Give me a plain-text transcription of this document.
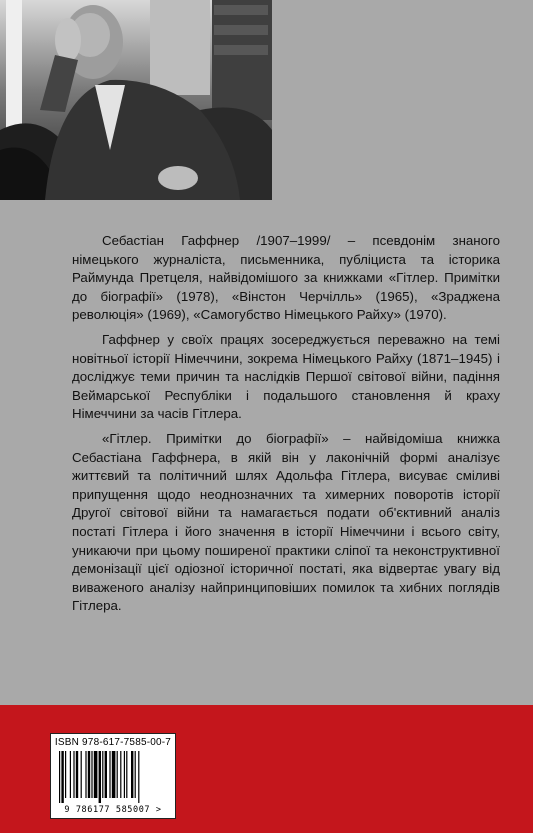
Себастіан Гаффнер /1907–1999/ – псевдонім знаного німецького журналіста, письменника, публіциста та історика Раймунда Претцеля, найвідомішого за книжками «Гітлер. Примітки до біографії» (1978), «Вінстон Черчілль» (1965), «Зраджена революція» (1969), «Самогубство Німецького Райху» (1970).

Гаффнер у своїх працях зосереджується переважно на темі новітньої історії Німеччини, зокрема Німецького Райху (1871–1945) і досліджує теми причин та наслідків Першої світової війни, падіння Веймарської Республіки і подальшого становлення й краху Німеччини за часів Гітлера.

«Гітлер. Примітки до біографії» – найвідоміша книжка Себастіана Гаффнера, в якій він у лаконічній формі аналізує життєвий та політичний шлях Адольфа Гітлера, висуває сміливі припущення щодо неоднозначних та химерних поворотів історії Другої світової війни та намагається подати об'єктивний аналіз постаті Гітлера і його значення в історії Німеччини і всього світу, уникаючи при цьому поширеної практики сліпої та неконструктивної демонізації цієї одіозної історичної постаті, яка відвертає увагу від виваженого аналізу найпринциповіших помилок та хибних поглядів Гітлера.

ISBN 978-617-7585-00-7
9 786177 585007 >
